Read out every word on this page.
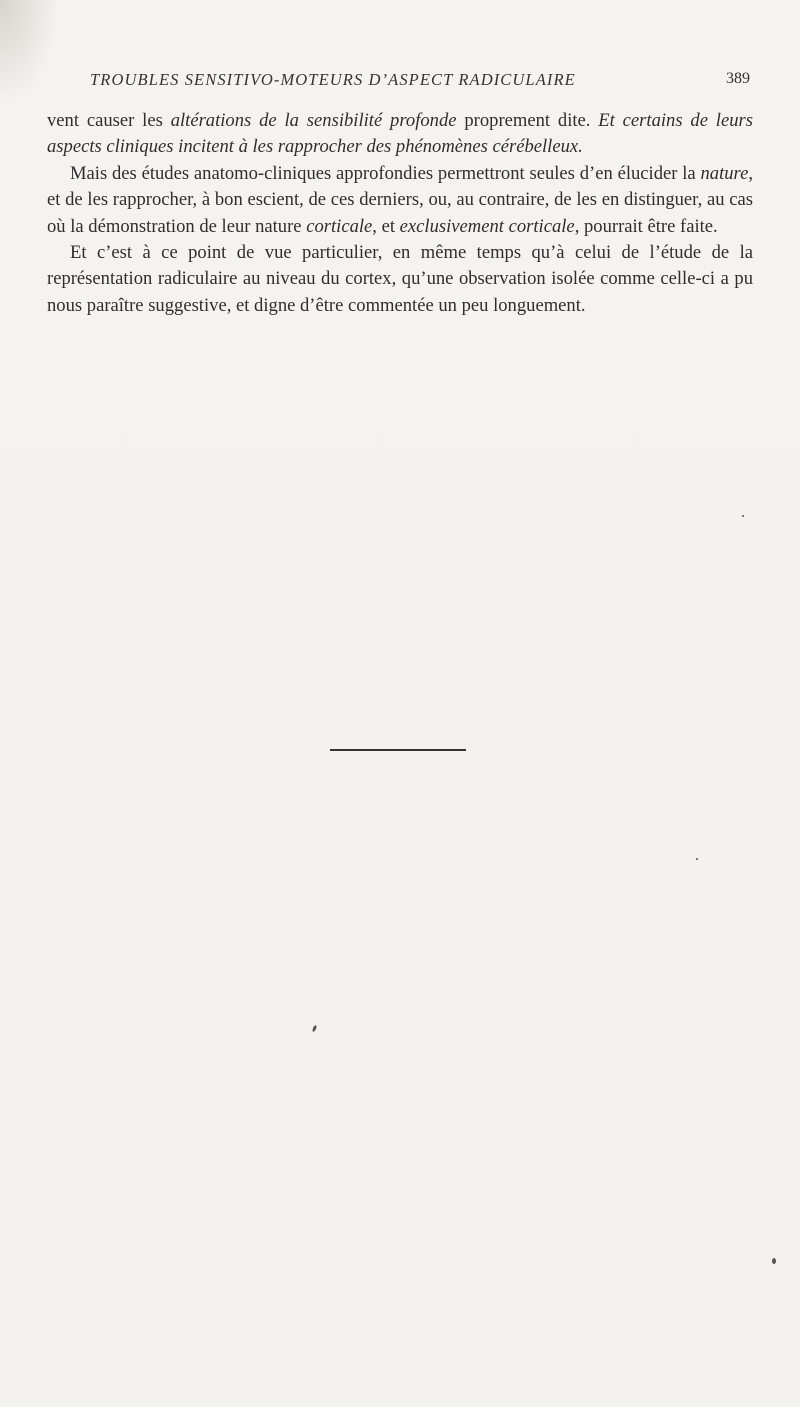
TROUBLES SENSITIVO-MOTEURS D’ASPECT RADICULAIRE	389

vent causer les altérations de la sensibilité profonde proprement dite. Et certains de leurs aspects cliniques incitent à les rapprocher des phénomènes cérébelleux.

Mais des études anatomo-cliniques approfondies permettront seules d’en élucider la nature, et de les rapprocher, à bon escient, de ces derniers, ou, au contraire, de les en distinguer, au cas où la démonstration de leur nature corticale, et exclusivement corticale, pourrait être faite.

Et c’est à ce point de vue particulier, en même temps qu’à celui de l’étude de la représentation radiculaire au niveau du cortex, qu’une observation isolée comme celle-ci a pu nous paraître suggestive, et digne d’être commentée un peu longuement.
